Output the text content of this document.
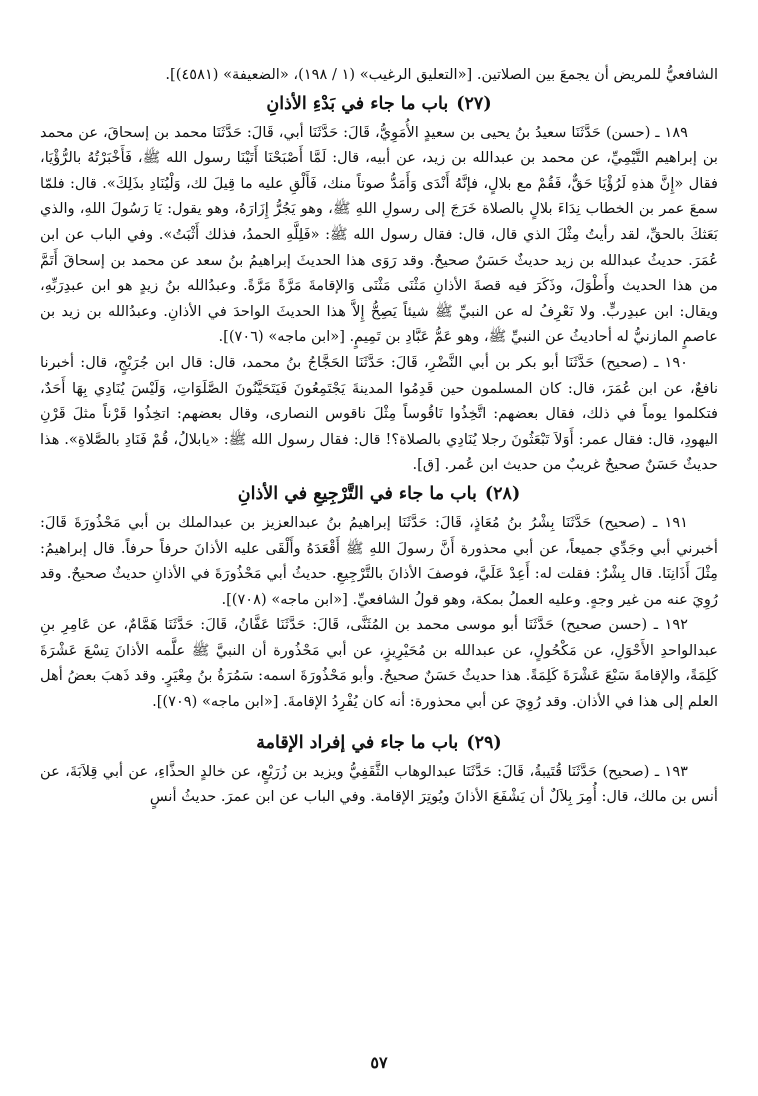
الشافعيُّ للمريض أن يجمعَ بين الصلاتين. [«التعليق الرغيب» (١ / ١٩٨)، «الضعيفة» (٤٥٨١)].

(٢٧)باب ما جاء في بَدْءِ الأذانِ

١٨٩ ـ (حسن) حَدَّثَنَا سعيدُ بنُ يحيى بن سعيدٍ الأُمَوِيُّ، قَالَ: حَدَّثَنَا أبي، قَالَ: حَدَّثَنَا محمد بن إسحاقَ، عن محمد بن إبراهيم التَّيْمِيِّ، عن محمد بن عبدالله بن زيد، عن أبيه، قال: لَمَّا أَصْبَحْنَا أَتَيْنَا رسول الله ﷺ، فَأَخْبَرْتُهُ بالرُّؤْيَا، فقال «إِنَّ هذهِ لَرُؤْيَا حَقٌّ، فَقُمْ مع بلالٍ، فإنَّهُ أَنْدَى وَأَمَدُّ صوتاً منك، فَأَلْقِ عليه ما قِيلَ لك، وَلْيُنَادِ بذَلِكَ». قال: فلمّا سمعَ عمر بن الخطاب نِدَاءَ بلالٍ بالصلاة خَرَجَ إلى رسولِ اللهِ ﷺ، وهو يَجُرُّ إِزَارَهُ، وهو يقول: يَا رَسُولَ اللهِ، والذي بَعَثكَ بالحقِّ، لقد رأيتُ مِثْلَ الذي قال، قال: فقال رسول الله ﷺ: «فَلِلَّهِ الحمدُ، فذلك أَثْبَتُ». وفي الباب عن ابن عُمَرَ. حديثُ عبدالله بن زيد حديثٌ حَسَنٌ صحيحٌ. وقد رَوَى هذا الحديثَ إبراهيمُ بنُ سعد عن محمد بن إسحاقَ أَتَمَّ من هذا الحديث وأَطْوَلَ، وذَكَرَ فيه قصةَ الأذانِ مَثْنَى مَثْنَى وَالإقامةَ مَرَّةً مَرَّةً. وعبدُالله بنُ زيدٍ هو ابن عبدِرَبِّهِ، ويقال: ابن عبدِربٍّ. ولا نَعْرِفُ له عن النبيِّ ﷺ شيئاً يَصِحُّ إِلاَّ هذا الحديثَ الواحدَ في الأذانِ. وعبدُالله بن زيد بن عاصمٍ المازنيُّ له أحاديثُ عن النبيِّ ﷺ، وهو عَمُّ عَبَّادِ بن تَمِيمٍ. [«ابن ماجه» (٧٠٦)].

١٩٠ ـ (صحيح) حَدَّثَنَا أبو بكر بن أبي النَّضْرِ، قَالَ: حَدَّثَنَا الحَجَّاجُ بنُ محمد، قال: قال ابن جُرَيْجٍ، قال: أخبرنا نافعٌ، عن ابن عُمَرَ، قال: كان المسلمون حين قَدِمُوا المدينةَ يَجْتَمِعُونَ فَيَتَحَيَّنُونَ الصَّلَوَاتِ، وَلَيْسَ يُنَادِي بِهَا أَحَدٌ، فتكلموا يوماً في ذلك، فقال بعضهم: اتَّخِذُوا نَاقُوساً مِثْلَ ناقوس النصارى، وقال بعضهم: اتخِذُوا قَرْناً مثلَ قَرْنِ اليهودِ، قال: فقال عمر: أَوَلاَ تَبْعَثُونَ رجلا يُنَادِي بالصلاة؟! قال: فقال رسول الله ﷺ: «يابلالُ، قُمْ فَنَادِ بالصَّلاةِ». هذا حديثٌ حَسَنٌ صحيحٌ غريبٌ من حديث ابن عُمر. [ق].

(٢٨)باب ما جاء في التَّرْجِيعِ في الأذانِ

١٩١ ـ (صحيح) حَدَّثَنَا بِشْرُ بنُ مُعَاذٍ، قَالَ: حَدَّثَنَا إبراهيمُ بنُ عبدالعزيز بن عبدالملك بن أبي مَحْذُورَةَ قَالَ: أخبرني أبي وجَدِّي جميعاً، عن أبي محذورة أَنَّ رسولَ اللهِ ﷺ أَقْعَدَهُ وأَلْقَى عليه الأذانَ حرفاً حرفاً. قال إبراهيمُ: مِثْلَ أَذَانِنَا. قال بِشْرٌ: فقلت له: أَعِدْ عَلَيَّ، فوصفَ الأذانَ بالتَّرْجِيعِ. حديثُ أبي مَحْذُورَةَ في الأذانِ حديثٌ صحيحٌ. وقد رُوِيَ عنه من غير وجهٍ. وعليه العملُ بمكة، وهو قولُ الشافعيِّ. [«ابن ماجه» (٧٠٨)].

١٩٢ ـ (حسن صحيح) حَدَّثَنَا أبو موسى محمد بن المُثَنَّى، قَالَ: حَدَّثَنَا عَفَّانُ، قَالَ: حَدَّثَنَا هَمَّامٌ، عن عَامِرِ بنِ عبدالواحدِ الأَحْوَلِ، عن مَكْحُولٍ، عن عبدالله بن مُحَيْرِيزٍ، عن أبي مَحْذُورة أن النبيَّ ﷺ علَّمه الأذانَ تِسْعَ عَشْرَةَ كَلِمَةً، والإقامةَ سَبْعَ عَشْرَةَ كَلِمَةً. هذا حديثٌ حَسَنٌ صحيحٌ. وأبو مَحْذُورَةَ اسمه: سَمُرَةُ بنُ مِعْيَرٍ. وقد ذَهبَ بعضُ أهل العلم إلى هذا في الأذان. وقد رُوِيَ عن أبي محذورة: أنه كان يُفْرِدُ الإقامةَ. [«ابن ماجه» (٧٠٩)].

(٢٩)باب ما جاء في إفراد الإقامة

١٩٣ ـ (صحيح) حَدَّثَنَا قُتَيبةُ، قَالَ: حَدَّثَنَا عبدالوهاب الثَّقَفِيُّ ويزيد بن زُرَيْعٍ، عن خالدٍ الحذَّاءِ، عن أبي قِلاَبَةَ، عن أنس بن مالك، قال: أُمِرَ بِلاَلٌ أن يَشْفَعَ الأذانَ ويُوتِرَ الإقامة. وفي الباب عن ابن عمرَ. حديثُ أنسٍ

٥٧
